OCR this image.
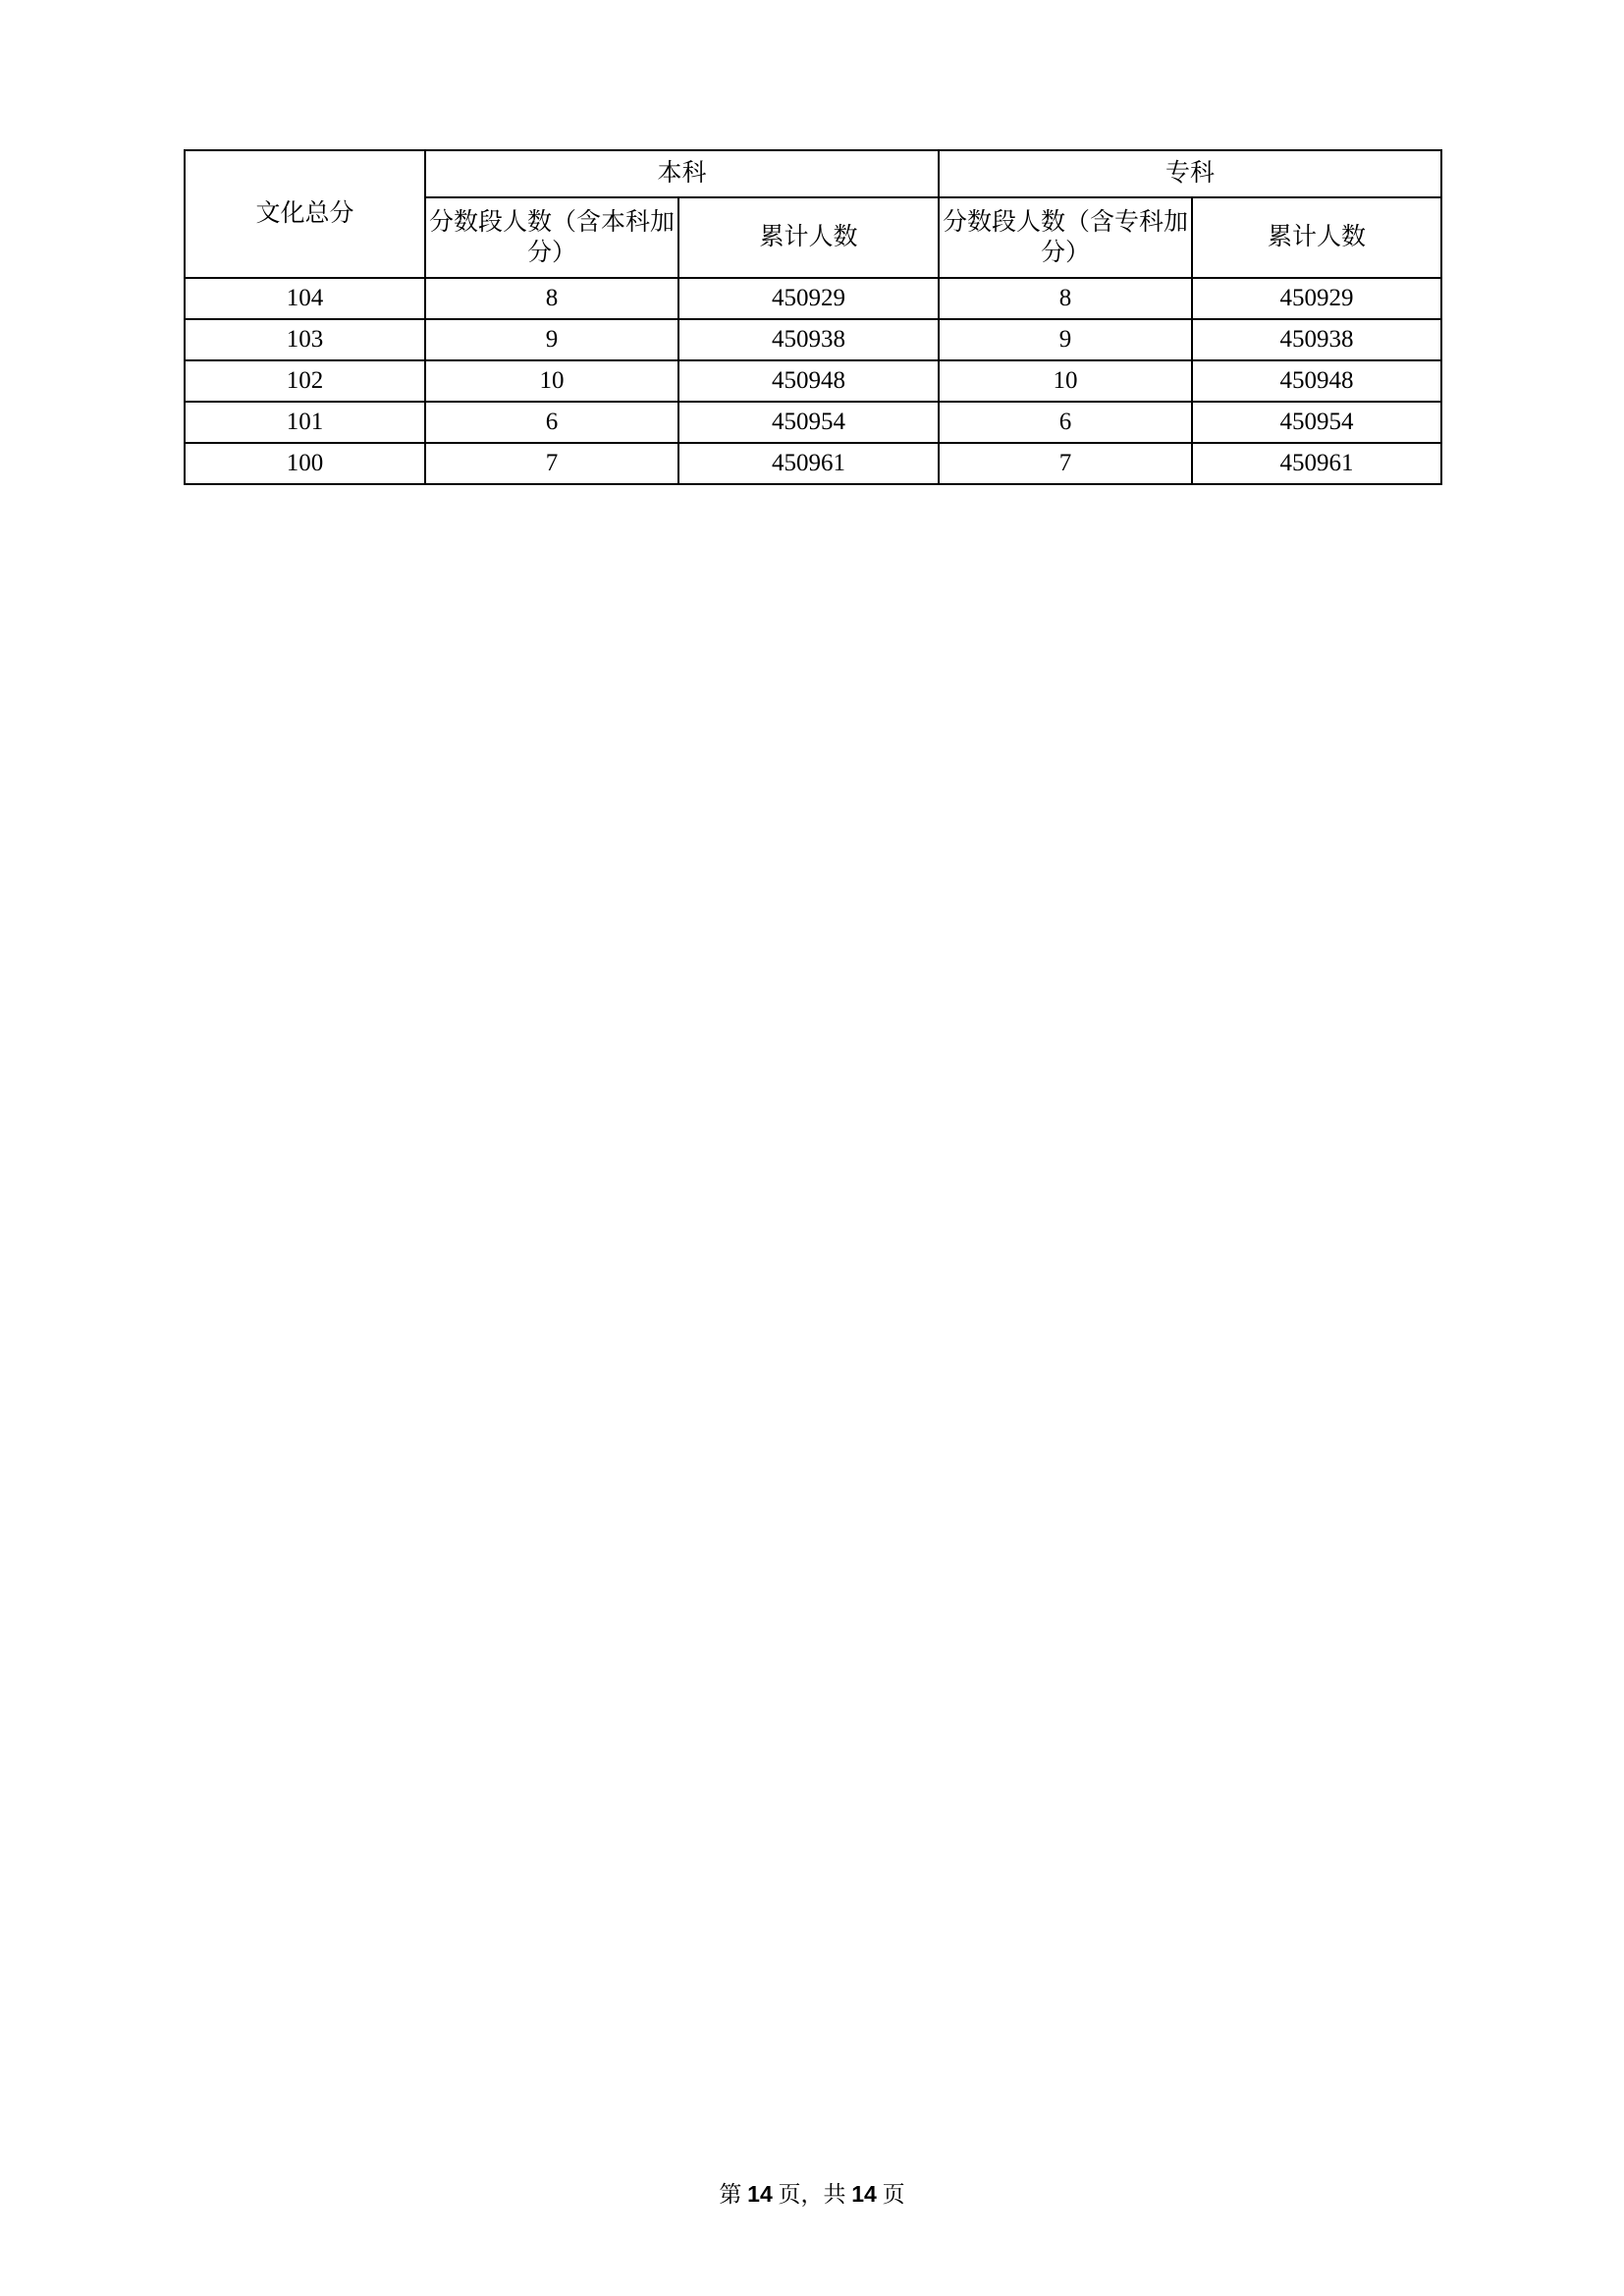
文化总分	本科		专科	
	分数段人数（含本科加分）	累计人数	分数段人数（含专科加分）	累计人数
104	8	450929	8	450929
103	9	450938	9	450938
102	10	450948	10	450948
101	6	450954	6	450954
100	7	450961	7	450961
第 14 页，共 14 页
